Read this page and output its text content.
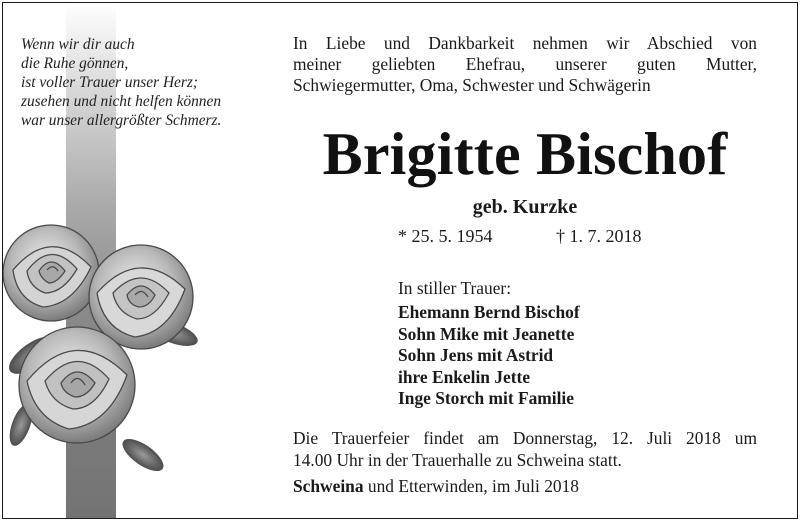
Wenn wir dir auch
die Ruhe gönnen,
ist voller Trauer unser Herz;
zusehen und nicht helfen können
war unser allergrößter Schmerz.
In Liebe und Dankbarkeit nehmen wir Abschied von
meiner geliebten Ehefrau, unserer guten Mutter,
Schwiegermutter, Oma, Schwester und Schwägerin
Brigitte Bischof
geb. Kurzke
* 25. 5. 1954	† 1. 7. 2018
In stiller Trauer:
Ehemann Bernd Bischof
Sohn Mike mit Jeanette
Sohn Jens mit Astrid
ihre Enkelin Jette
Inge Storch mit Familie
Die Trauerfeier findet am Donnerstag, 12. Juli 2018 um
14.00 Uhr in der Trauerhalle zu Schweina statt.
Schweina und Etterwinden, im Juli 2018
